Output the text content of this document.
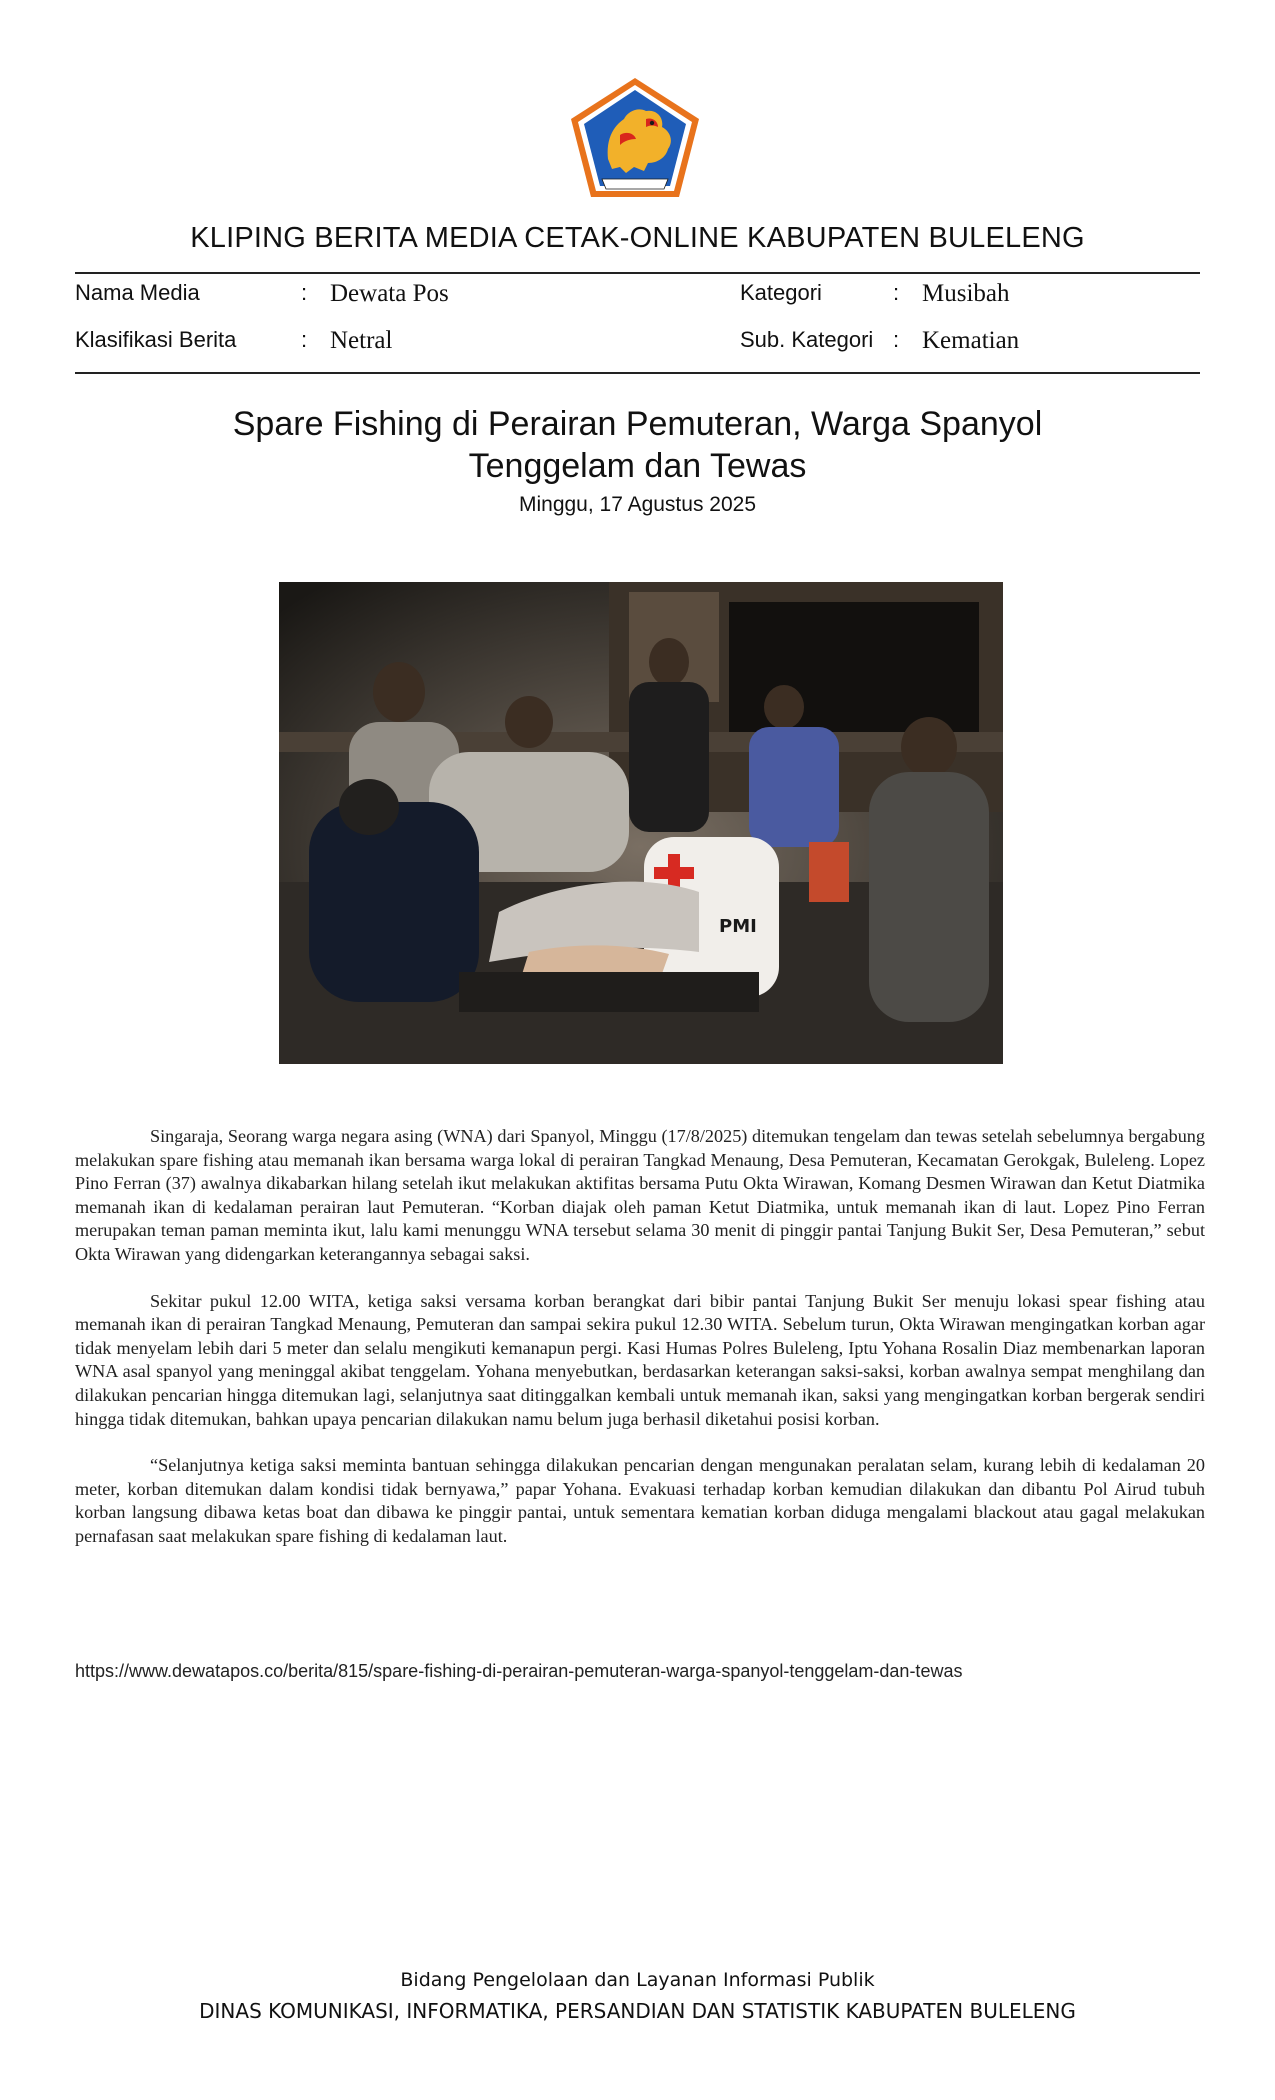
KLIPING BERITA MEDIA CETAK-ONLINE KABUPATEN BULELENG
Nama Media	: Dewata Pos	Kategori	: Musibah
Klasifikasi Berita	: Netral	Sub. Kategori : Kematian
Spare Fishing di Perairan Pemuteran, Warga Spanyol
Tenggelam dan Tewas
Minggu, 17 Agustus 2025
PMI

Singaraja, Seorang warga negara asing (WNA) dari Spanyol, Minggu (17/8/2025) ditemukan tengelam dan tewas setelah sebelumnya bergabung melakukan spare fishing atau memanah ikan bersama warga lokal di perairan Tangkad Menaung, Desa Pemuteran, Kecamatan Gerokgak, Buleleng. Lopez Pino Ferran (37) awalnya dikabarkan hilang setelah ikut melakukan aktifitas bersama Putu Okta Wirawan, Komang Desmen Wirawan dan Ketut Diatmika memanah ikan di kedalaman perairan laut Pemuteran. “Korban diajak oleh paman Ketut Diatmika, untuk memanah ikan di laut. Lopez Pino Ferran merupakan teman paman meminta ikut, lalu kami menunggu WNA tersebut selama 30 menit di pinggir pantai Tanjung Bukit Ser, Desa Pemuteran,” sebut Okta Wirawan yang didengarkan keterangannya sebagai saksi.

Sekitar pukul 12.00 WITA, ketiga saksi versama korban berangkat dari bibir pantai Tanjung Bukit Ser menuju lokasi spear fishing atau memanah ikan di perairan Tangkad Menaung, Pemuteran dan sampai sekira pukul 12.30 WITA. Sebelum turun, Okta Wirawan mengingatkan korban agar tidak menyelam lebih dari 5 meter dan selalu mengikuti kemanapun pergi. Kasi Humas Polres Buleleng, Iptu Yohana Rosalin Diaz membenarkan laporan WNA asal spanyol yang meninggal akibat tenggelam. Yohana menyebutkan, berdasarkan keterangan saksi-saksi, korban awalnya sempat menghilang dan dilakukan pencarian hingga ditemukan lagi, selanjutnya saat ditinggalkan kembali untuk memanah ikan, saksi yang mengingatkan korban bergerak sendiri hingga tidak ditemukan, bahkan upaya pencarian dilakukan namu belum juga berhasil diketahui posisi korban.

“Selanjutnya ketiga saksi meminta bantuan sehingga dilakukan pencarian dengan mengunakan peralatan selam, kurang lebih di kedalaman 20 meter, korban ditemukan dalam kondisi tidak bernyawa,” papar Yohana. Evakuasi terhadap korban kemudian dilakukan dan dibantu Pol Airud tubuh korban langsung dibawa ketas boat dan dibawa ke pinggir pantai, untuk sementara kematian korban diduga mengalami blackout atau gagal melakukan pernafasan saat melakukan spare fishing di kedalaman laut.

https://www.dewatapos.co/berita/815/spare-fishing-di-perairan-pemuteran-warga-spanyol-tenggelam-dan-tewas
Bidang Pengelolaan dan Layanan Informasi Publik
DINAS KOMUNIKASI, INFORMATIKA, PERSANDIAN DAN STATISTIK KABUPATEN BULELENG
